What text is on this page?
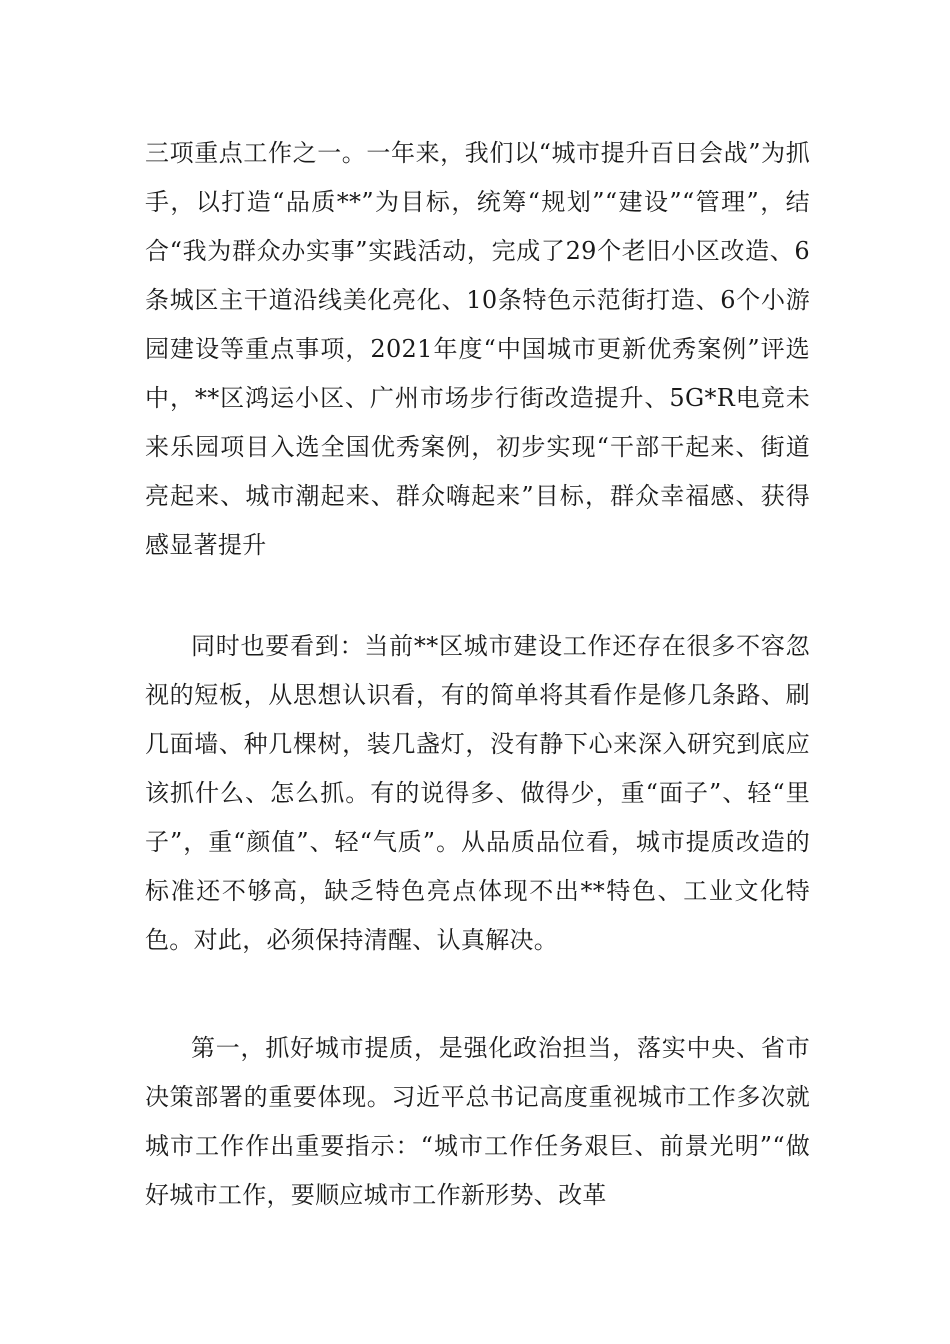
三项重点工作之一。一年来，我们以“城市提升百日会战”为抓手，以打造“品质**”为目标，统筹“规划”“建设”“管理”，结合“我为群众办实事”实践活动，完成了29个老旧小区改造、6条城区主干道沿线美化亮化、10条特色示范街打造、6个小游园建设等重点事项，2021年度“中国城市更新优秀案例”评选中，**区鸿运小区、广州市场步行街改造提升、5G*R电竞未来乐园项目入选全国优秀案例，初步实现“干部干起来、街道亮起来、城市潮起来、群众嗨起来”目标，群众幸福感、获得感显著提升

同时也要看到：当前**区城市建设工作还存在很多不容忽视的短板，从思想认识看，有的简单将其看作是修几条路、刷几面墙、种几棵树，装几盏灯，没有静下心来深入研究到底应该抓什么、怎么抓。有的说得多、做得少，重“面子”、轻“里子”，重“颜值”、轻“气质”。从品质品位看，城市提质改造的标准还不够高，缺乏特色亮点体现不出**特色、工业文化特色。对此，必须保持清醒、认真解决。

第一，抓好城市提质，是强化政治担当，落实中央、省市决策部署的重要体现。习近平总书记高度重视城市工作多次就城市工作作出重要指示：“城市工作任务艰巨、前景光明”“做好城市工作，要顺应城市工作新形势、改革
